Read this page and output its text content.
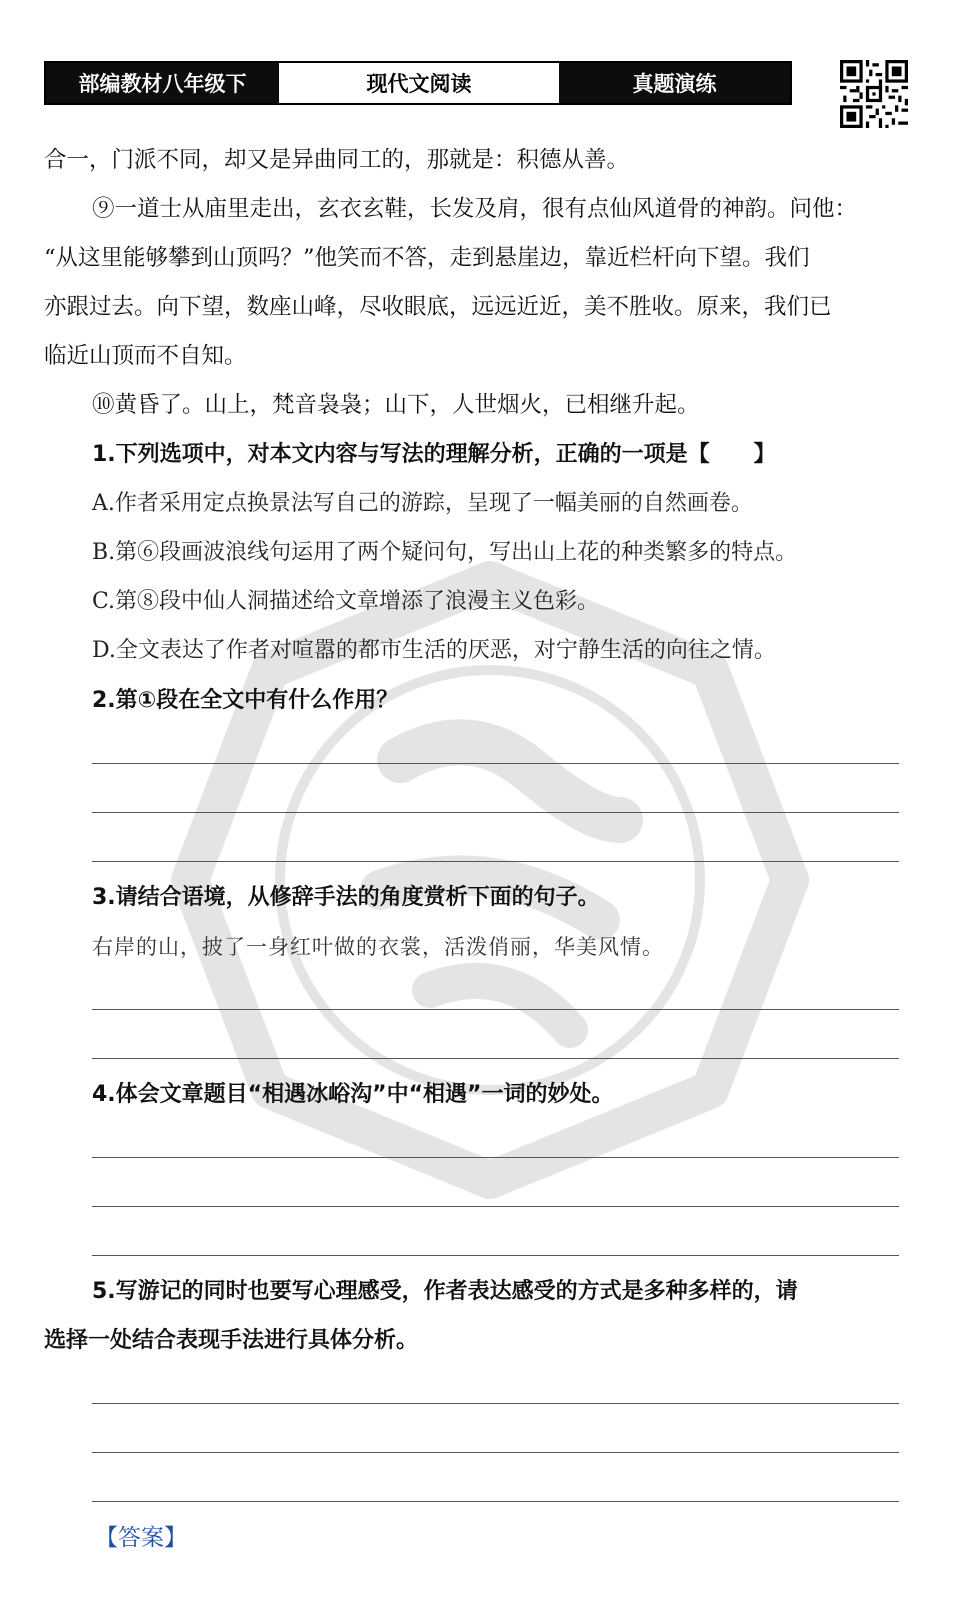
部编教材八年级下	现代文阅读	真题演练
合一，门派不同，却又是异曲同工的，那就是：积德从善。
⑨一道士从庙里走出，玄衣玄鞋，长发及肩，很有点仙风道骨的神韵。问他：
“从这里能够攀到山顶吗？”他笑而不答，走到悬崖边，靠近栏杆向下望。我们
亦跟过去。向下望，数座山峰，尽收眼底，远远近近，美不胜收。原来，我们已
临近山顶而不自知。
⑩黄昏了。山上，梵音袅袅；山下，人世烟火，已相继升起。
1.下列选项中，对本文内容与写法的理解分析，正确的一项是【　　】
A.作者采用定点换景法写自己的游踪，呈现了一幅美丽的自然画卷。
B.第⑥段画波浪线句运用了两个疑问句，写出山上花的种类繁多的特点。
C.第⑧段中仙人洞描述给文章增添了浪漫主义色彩。
D.全文表达了作者对喧嚣的都市生活的厌恶，对宁静生活的向往之情。
2.第①段在全文中有什么作用？
3.请结合语境，从修辞手法的角度赏析下面的句子。
右岸的山，披了一身红叶做的衣裳，活泼俏丽，华美风情。
4.体会文章题目“相遇冰峪沟”中“相遇”一词的妙处。
5.写游记的同时也要写心理感受，作者表达感受的方式是多种多样的，请
选择一处结合表现手法进行具体分析。
【答案】
